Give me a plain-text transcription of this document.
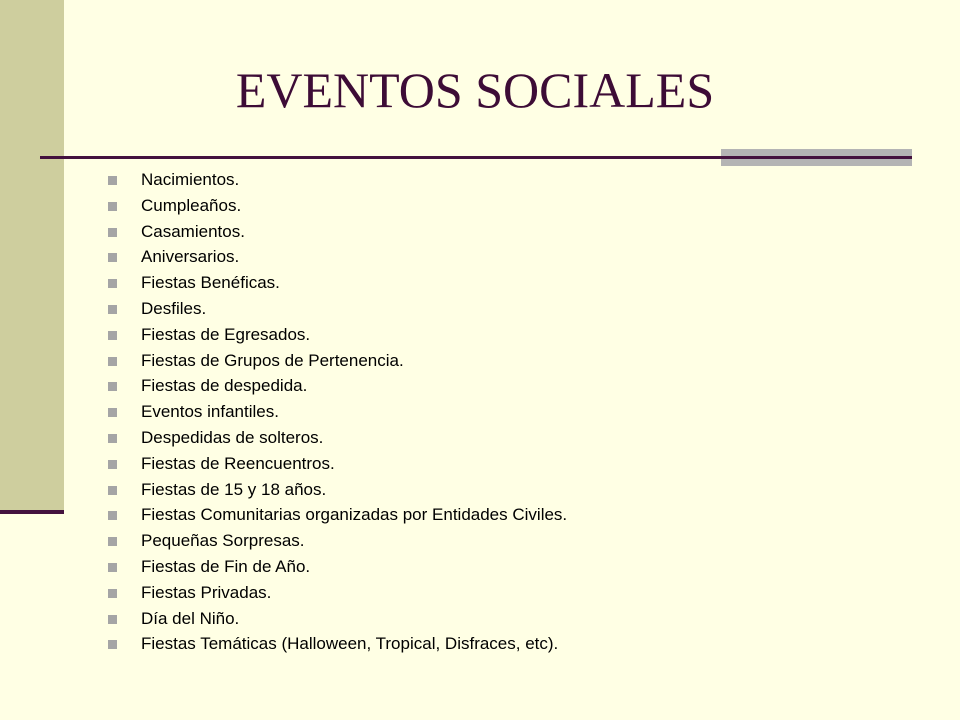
EVENTOS SOCIALES
Nacimientos.
Cumpleaños.
Casamientos.
Aniversarios.
Fiestas Benéficas.
Desfiles.
Fiestas de Egresados.
Fiestas de Grupos de Pertenencia.
Fiestas de despedida.
Eventos infantiles.
Despedidas de solteros.
Fiestas de Reencuentros.
Fiestas de 15 y 18 años.
Fiestas Comunitarias organizadas por Entidades Civiles.
Pequeñas Sorpresas.
Fiestas de Fin de Año.
Fiestas Privadas.
Día del Niño.
Fiestas Temáticas (Halloween, Tropical, Disfraces, etc).
